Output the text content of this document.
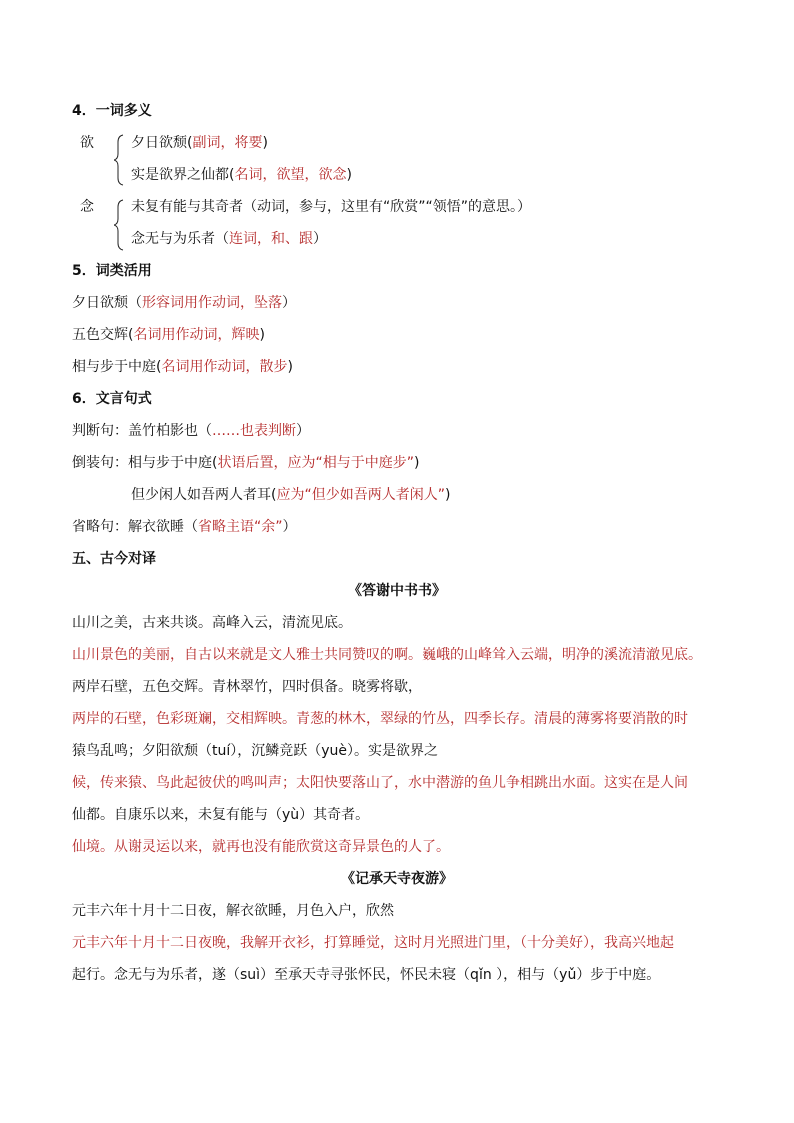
4．一词多义
欲	夕日欲颓(副词，将要)
实是欲界之仙都(名词，欲望，欲念)
念	未复有能与其奇者（动词，参与，这里有“欣赏”“领悟”的意思。）
念无与为乐者（连词，和、跟）
5．词类活用
夕日欲颓（形容词用作动词，坠落）
五色交辉(名词用作动词，辉映)
相与步于中庭(名词用作动词，散步)
6．文言句式
判断句：盖竹柏影也（……也表判断）
倒装句：相与步于中庭(状语后置，应为“相与于中庭步”)
但少闲人如吾两人者耳(应为“但少如吾两人者闲人”)
省略句：解衣欲睡（省略主语“余”）
五、古今对译
《答谢中书书》
山川之美，古来共谈。高峰入云，清流见底。
山川景色的美丽，自古以来就是文人雅士共同赞叹的啊。巍峨的山峰耸入云端，明净的溪流清澈见底。
两岸石壁，五色交辉。青林翠竹，四时俱备。晓雾将歇，
两岸的石壁，色彩斑斓，交相辉映。青葱的林木，翠绿的竹丛，四季长存。清晨的薄雾将要消散的时
猿鸟乱鸣；夕阳欲颓（tuí），沉鳞竞跃（yuè）。实是欲界之
候，传来猿、鸟此起彼伏的鸣叫声；太阳快要落山了，水中潜游的鱼儿争相跳出水面。这实在是人间
仙都。自康乐以来，未复有能与（yù）其奇者。
仙境。从谢灵运以来，就再也没有能欣赏这奇异景色的人了。
《记承天寺夜游》
元丰六年十月十二日夜，解衣欲睡，月色入户，欣然
元丰六年十月十二日夜晚，我解开衣衫，打算睡觉，这时月光照进门里，（十分美好），我高兴地起
起行。念无与为乐者，遂（suì）至承天寺寻张怀民，怀民未寝（qǐn ），相与（yǔ）步于中庭。
